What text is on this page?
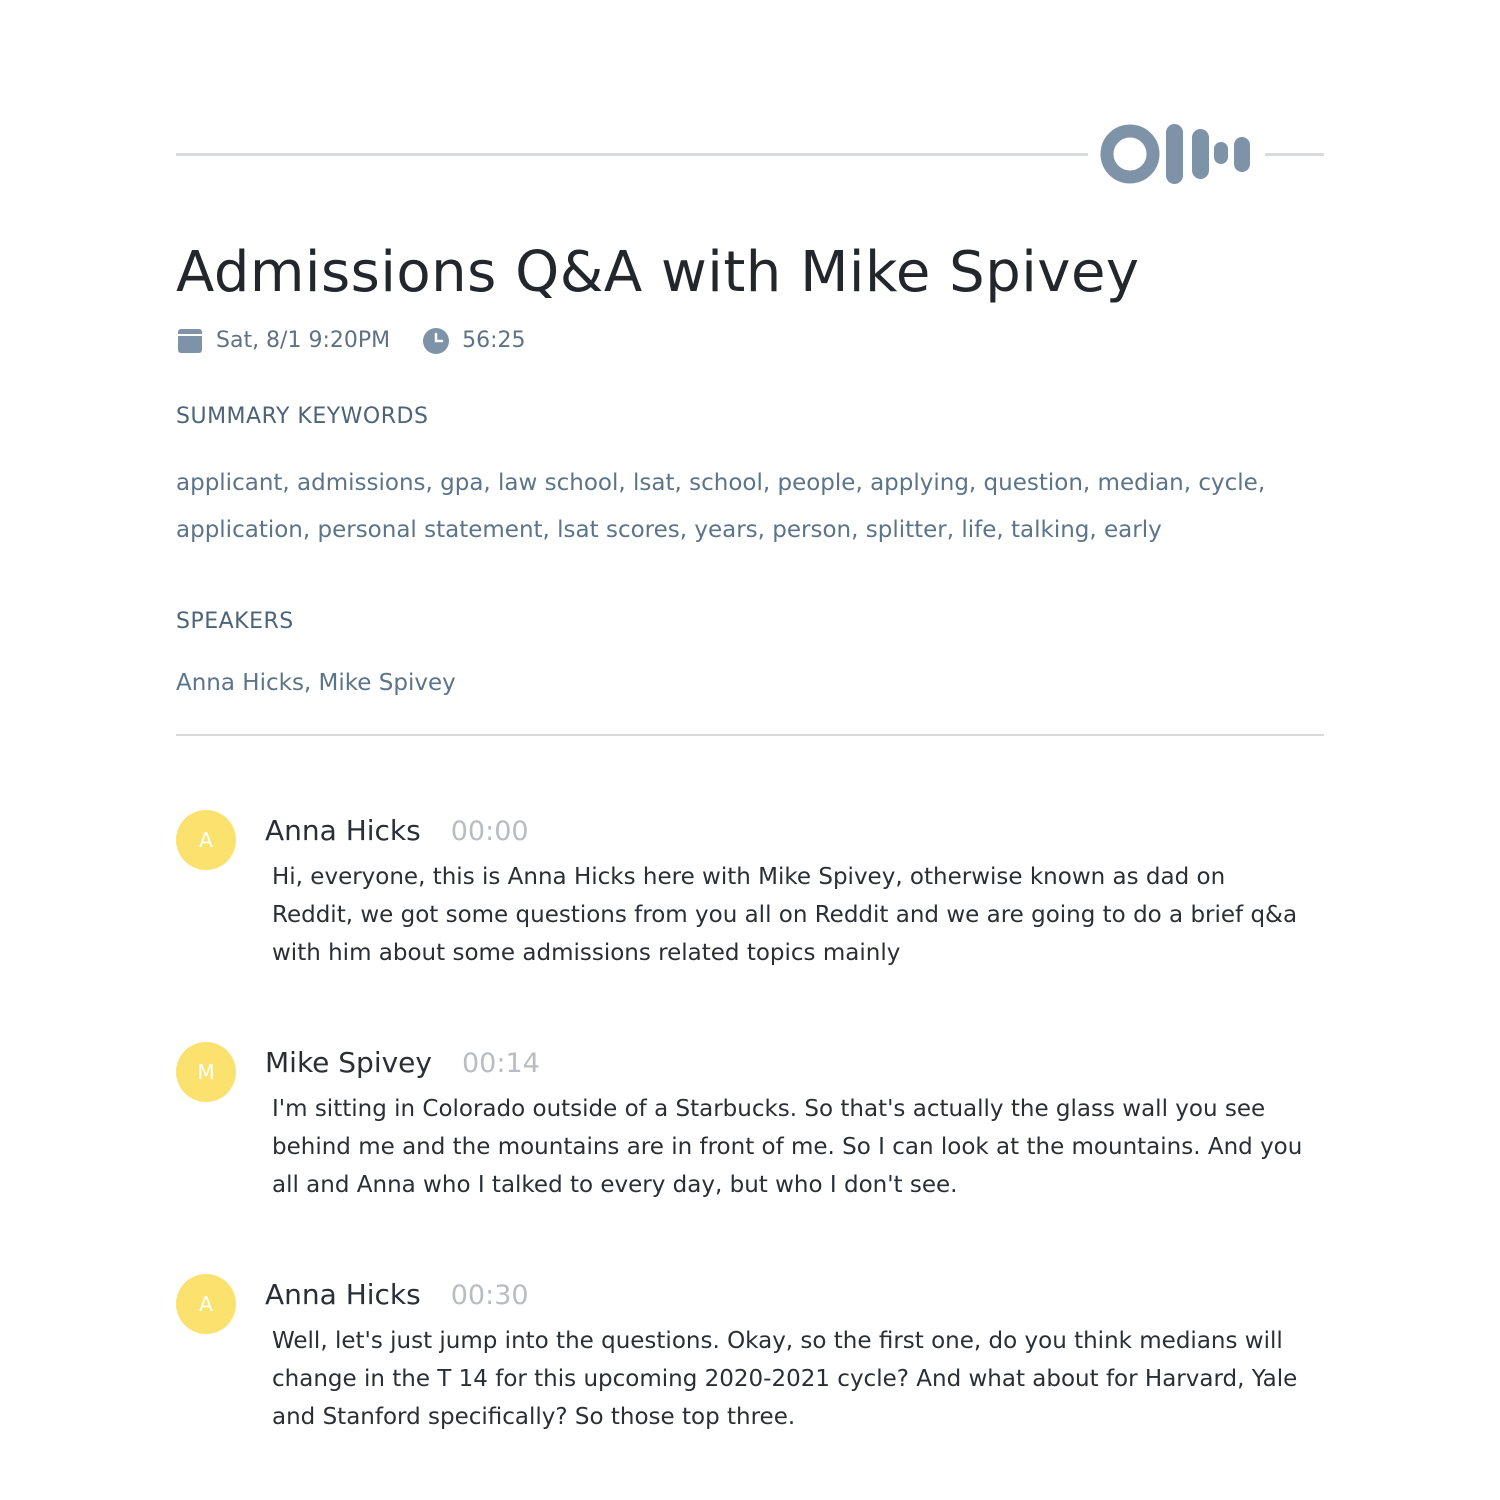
Admissions Q&A with Mike Spivey
Sat, 8/1 9:20PM	56:25
SUMMARY KEYWORDS

applicant, admissions, gpa, law school, lsat, school, people, applying, question, median, cycle, application, personal statement, lsat scores, years, person, splitter, life, talking, early

SPEAKERS

Anna Hicks, Mike Spivey

A	Anna Hicks 00:00

Hi, everyone, this is Anna Hicks here with Mike Spivey, otherwise known as dad on Reddit, we got some questions from you all on Reddit and we are going to do a brief q&a with him about some admissions related topics mainly

M	Mike Spivey 00:14

I'm sitting in Colorado outside of a Starbucks. So that's actually the glass wall you see behind me and the mountains are in front of me. So I can look at the mountains. And you all and Anna who I talked to every day, but who I don't see.

A	Anna Hicks 00:30

Well, let's just jump into the questions. Okay, so the first one, do you think medians will change in the T 14 for this upcoming 2020-2021 cycle? And what about for Harvard, Yale and Stanford specifically? So those top three.
